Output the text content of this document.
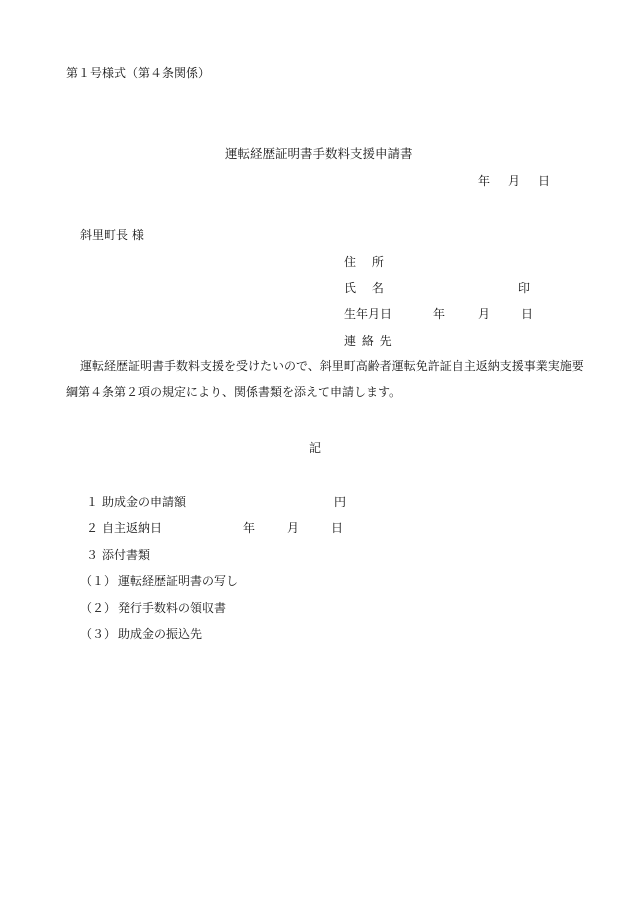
第１号様式（第４条関係）
運転経歴証明書手数料支援申請書
年 月 日
斜里町長 様
住 所
氏 名	印
生年月日	年	月	日
連 絡 先
運転経歴証明書手数料支援を受けたいので、斜里町高齢者運転免許証自主返納支援事業実施要綱第４条第２項の規定により、関係書類を添えて申請します。
記
１ 助成金の申請額	円
２ 自主返納日	年	月	日
３ 添付書類
（１） 運転経歴証明書の写し
（２） 発行手数料の領収書
（３） 助成金の振込先
